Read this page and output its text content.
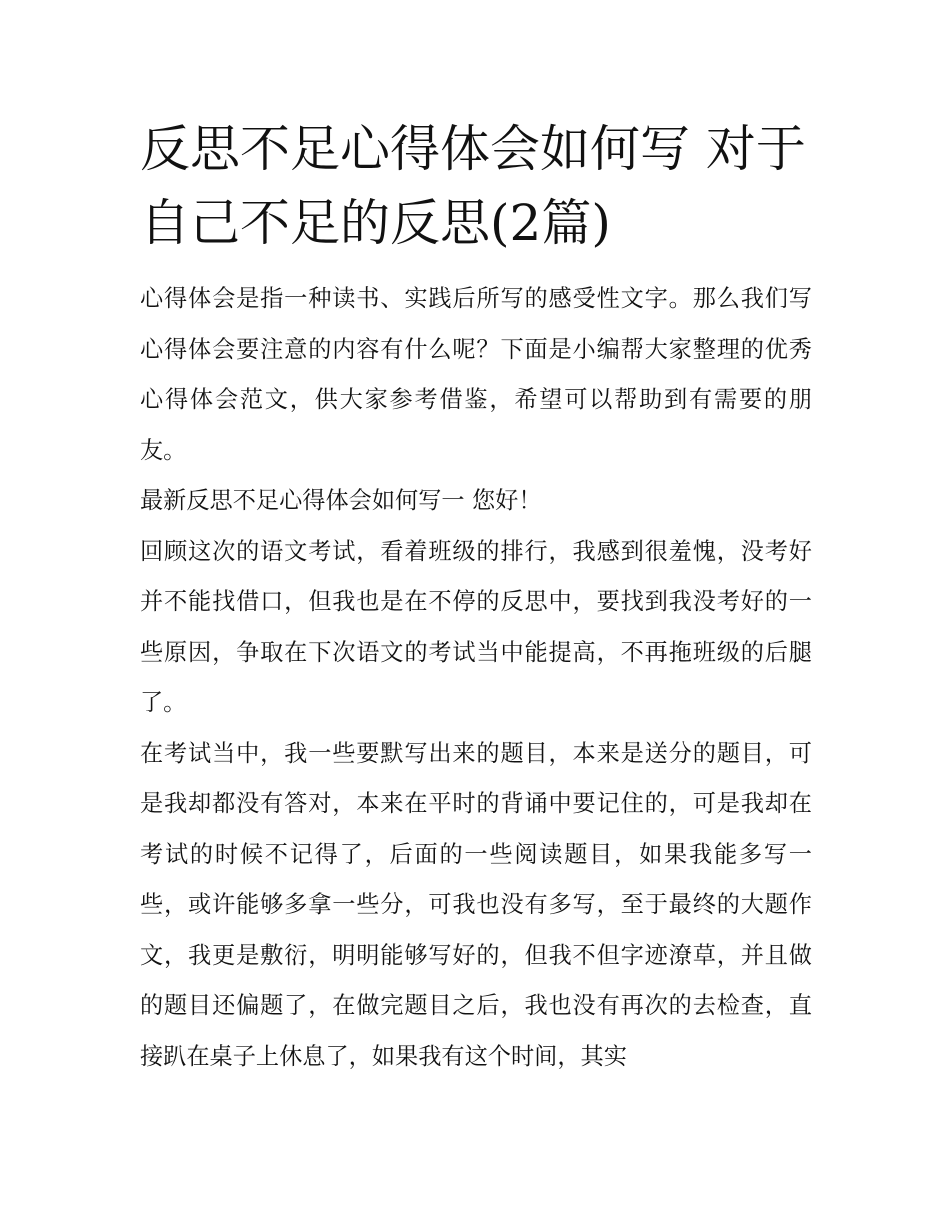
反思不足心得体会如何写 对于自己不足的反思(2篇)

心得体会是指一种读书、实践后所写的感受性文字。那么我们写心得体会要注意的内容有什么呢？下面是小编帮大家整理的优秀心得体会范文，供大家参考借鉴，希望可以帮助到有需要的朋友。

最新反思不足心得体会如何写一 您好！

回顾这次的语文考试，看着班级的排行，我感到很羞愧，没考好并不能找借口，但我也是在不停的反思中，要找到我没考好的一些原因，争取在下次语文的考试当中能提高，不再拖班级的后腿了。

在考试当中，我一些要默写出来的题目，本来是送分的题目，可是我却都没有答对，本来在平时的背诵中要记住的，可是我却在考试的时候不记得了，后面的一些阅读题目，如果我能多写一些，或许能够多拿一些分，可我也没有多写，至于最终的大题作文，我更是敷衍，明明能够写好的，但我不但字迹潦草，并且做的题目还偏题了，在做完题目之后，我也没有再次的去检查，直接趴在桌子上休息了，如果我有这个时间，其实
